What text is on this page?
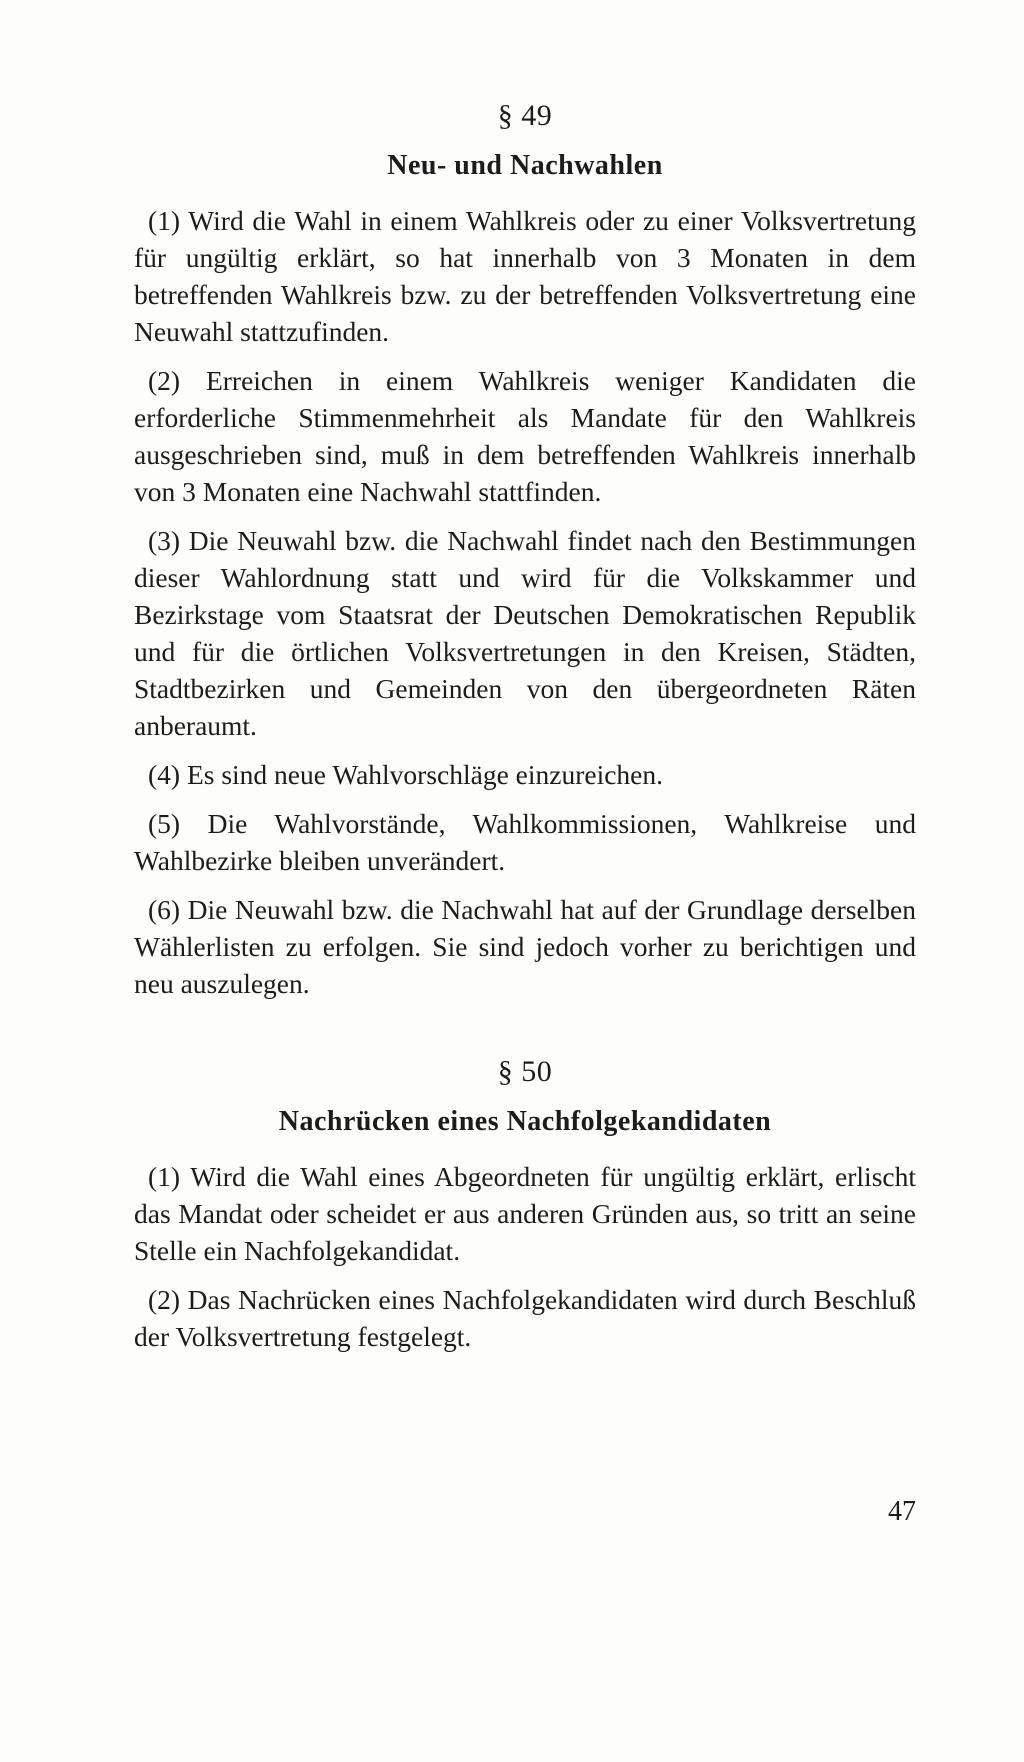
§ 49
Neu- und Nachwahlen

(1) Wird die Wahl in einem Wahlkreis oder zu einer Volksvertretung für ungültig erklärt, so hat innerhalb von 3 Monaten in dem betreffenden Wahlkreis bzw. zu der betreffenden Volksvertretung eine Neuwahl stattzufinden.

(2) Erreichen in einem Wahlkreis weniger Kandidaten die erforderliche Stimmenmehrheit als Mandate für den Wahlkreis ausgeschrieben sind, muß in dem betreffenden Wahlkreis innerhalb von 3 Monaten eine Nachwahl stattfinden.

(3) Die Neuwahl bzw. die Nachwahl findet nach den Bestimmungen dieser Wahlordnung statt und wird für die Volkskammer und Bezirkstage vom Staatsrat der Deutschen Demokratischen Republik und für die örtlichen Volksvertretungen in den Kreisen, Städten, Stadtbezirken und Gemeinden von den übergeordneten Räten anberaumt.

(4) Es sind neue Wahlvorschläge einzureichen.

(5) Die Wahlvorstände, Wahlkommissionen, Wahlkreise und Wahlbezirke bleiben unverändert.

(6) Die Neuwahl bzw. die Nachwahl hat auf der Grundlage derselben Wählerlisten zu erfolgen. Sie sind jedoch vorher zu berichtigen und neu auszulegen.

§ 50
Nachrücken eines Nachfolgekandidaten

(1) Wird die Wahl eines Abgeordneten für ungültig erklärt, erlischt das Mandat oder scheidet er aus anderen Gründen aus, so tritt an seine Stelle ein Nachfolgekandidat.

(2) Das Nachrücken eines Nachfolgekandidaten wird durch Beschluß der Volksvertretung festgelegt.

47
